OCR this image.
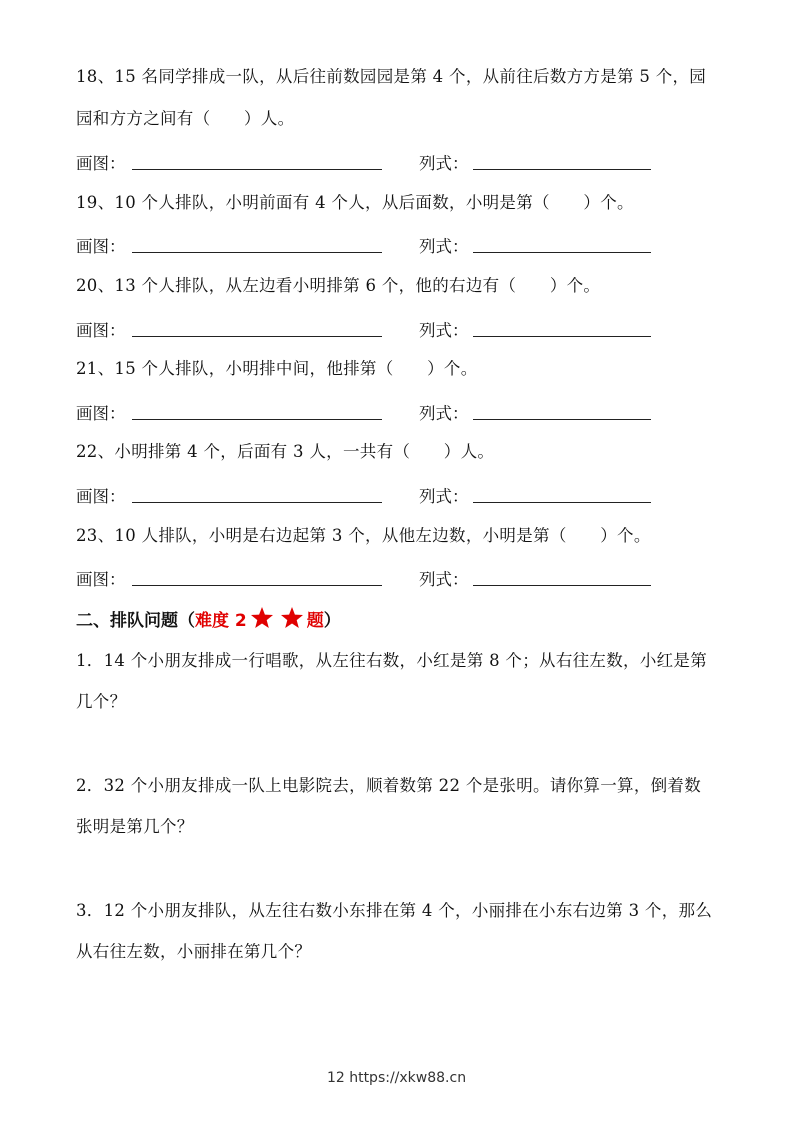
18、15 名同学排成一队，从后往前数园园是第 4 个，从前往后数方方是第 5 个，园
园和方方之间有（　　）人。
画图：	列式：
19、10 个人排队，小明前面有 4 个人，从后面数，小明是第（　　）个。
画图：	列式：
20、13 个人排队，从左边看小明排第 6 个，他的右边有（　　）个。
画图：	列式：
21、15 个人排队，小明排中间，他排第（　　）个。
画图：	列式：
22、小明排第 4 个，后面有 3 人，一共有（　　）人。
画图：	列式：
23、10 人排队，小明是右边起第 3 个，从他左边数，小明是第（　　）个。
画图：	列式：
二、排队问题（难度 2	题）
1．14 个小朋友排成一行唱歌，从左往右数，小红是第 8 个；从右往左数，小红是第
几个？
2．32 个小朋友排成一队上电影院去，顺着数第 22 个是张明。请你算一算，倒着数
张明是第几个？
3．12 个小朋友排队，从左往右数小东排在第 4 个，小丽排在小东右边第 3 个，那么
从右往左数，小丽排在第几个？
12 https://xkw88.cn
